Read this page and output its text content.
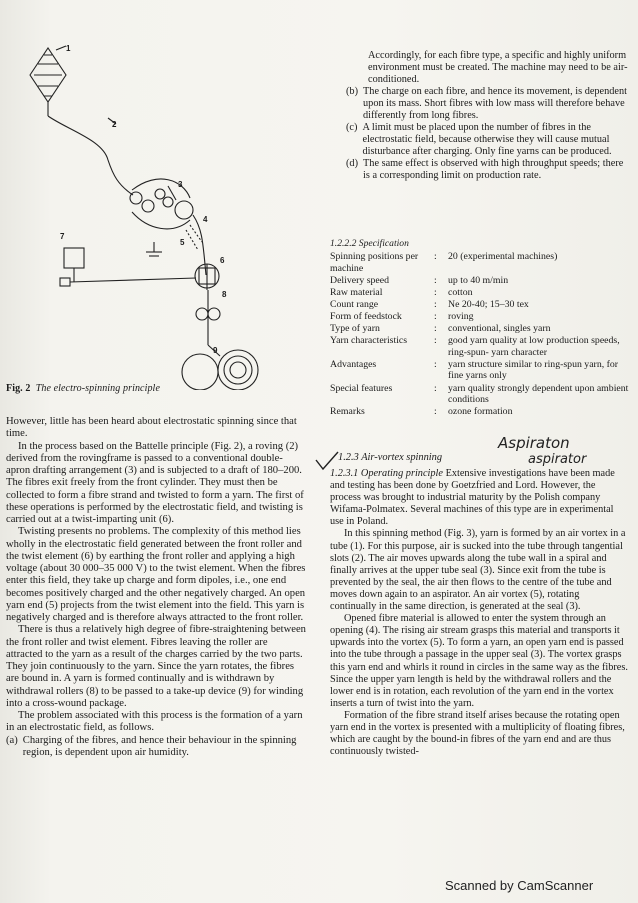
1
2
3
4
5
6
7
8
9
Fig. 2 The electro-spinning principle

However, little has been heard about electrostatic spinning since that time.

In the process based on the Battelle principle (Fig. 2), a roving (2) derived from the rovingframe is passed to a conventional double-apron drafting arrangement (3) and is subjected to a draft of 180–200. The fibres exit freely from the front cylinder. They must then be collected to form a fibre strand and twisted to form a yarn. The first of these operations is performed by the electrostatic field, and twisting is carried out at a twist-imparting unit (6).

Twisting presents no problems. The complexity of this method lies wholly in the electrostatic field generated between the front roller and the twist element (6) by earthing the front roller and applying a high voltage (about 30 000–35 000 V) to the twist element. When the fibres enter this field, they take up charge and form dipoles, i.e., one end becomes positively charged and the other negatively charged. An open yarn end (5) projects from the twist element into the field. This yarn is negatively charged and is therefore always attracted to the front roller.

There is thus a relatively high degree of fibre-straightening between the front roller and twist element. Fibres leaving the roller are attracted to the yarn as a result of the charges carried by the two parts. They join continuously to the yarn. Since the yarn rotates, the fibres are bound in. A yarn is formed continually and is withdrawn by withdrawal rollers (8) to be passed to a take-up device (9) for winding into a cross-wound package.

The problem associated with this process is the formation of a yarn in an electrostatic field, as follows.

(a) Charging of the fibres, and hence their behaviour in the spinning region, is dependent upon air humidity.

Accordingly, for each fibre type, a specific and highly uniform environment must be created. The machine may need to be air-conditioned.

(b) The charge on each fibre, and hence its movement, is dependent upon its mass. Short fibres with low mass will therefore behave differently from long fibres.
(c) A limit must be placed upon the number of fibres in the electrostatic field, because otherwise they will cause mutual disturbance after charging. Only fine yarns can be produced.
(d) The same effect is observed with high throughput speeds; there is a corresponding limit on production rate.
1.2.2.2 Specification
Spinning positions per machine
:	20 (experimental machines)
Delivery speed	:	up to 40 m/min
Raw material	:	cotton
Count range	:	Ne 20-40; 15–30 tex
Form of feedstock	:	roving
Type of yarn	:	conventional, singles yarn
Yarn characteristics	:	good yarn quality at low production speeds, ring-spun- yarn character
Advantages	:	yarn structure similar to ring-spun yarn, for fine yarns only
Special features	:	yarn quality strongly dependent upon ambient conditions
Remarks	:	ozone formation
Aspiraton
aspirator
1.2.3 Air-vortex spinning

1.2.3.1 Operating principle Extensive investigations have been made and testing has been done by Goetzfried and Lord. However, the process was brought to industrial maturity by the Polish company Wifama-Polmatex. Several machines of this type are in experimental use in Poland.

In this spinning method (Fig. 3), yarn is formed by an air vortex in a tube (1). For this purpose, air is sucked into the tube through tangential slots (2). The air moves upwards along the tube wall in a spiral and finally arrives at the upper tube seal (3). Since exit from the tube is prevented by the seal, the air then flows to the centre of the tube and moves down again to an aspirator. An air vortex (5), rotating continually in the same direction, is generated at the seal (3).

Opened fibre material is allowed to enter the system through an opening (4). The rising air stream grasps this material and transports it upwards into the vortex (5). To form a yarn, an open yarn end is passed into the tube through a passage in the upper seal (3). The vortex grasps this yarn end and whirls it round in circles in the same way as the fibres. Since the upper yarn length is held by the withdrawal rollers and the lower end is in rotation, each revolution of the yarn end in the vortex inserts a turn of twist into the yarn.

Formation of the fibre strand itself arises because the rotating open yarn end in the vortex is presented with a multiplicity of floating fibres, which are caught by the bound-in fibres of the yarn end and are thus continuously twisted-

Scanned by CamScanner
